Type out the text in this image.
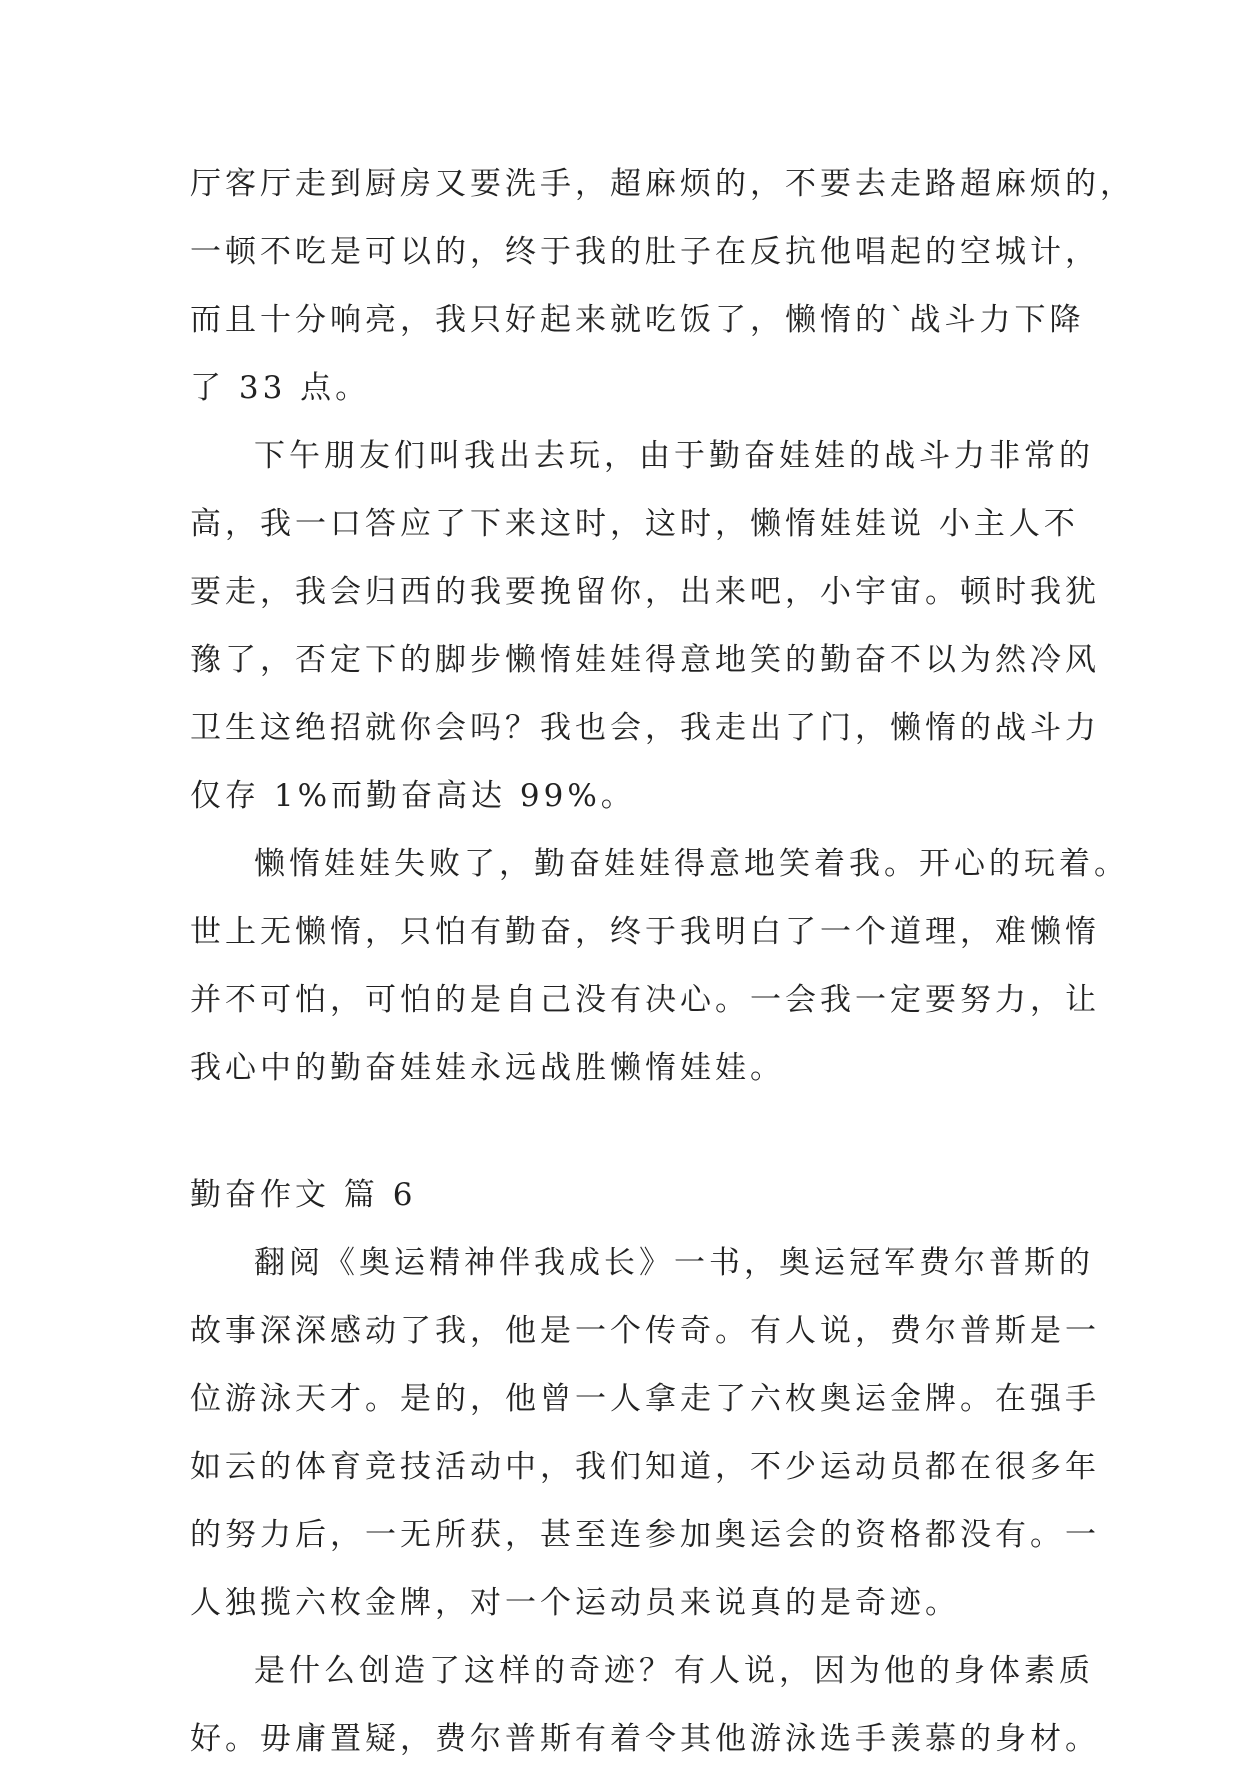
厅客厅走到厨房又要洗手，超麻烦的，不要去走路超麻烦的，
一顿不吃是可以的，终于我的肚子在反抗他唱起的空城计，
而且十分响亮，我只好起来就吃饭了，懒惰的`战斗力下降
了 33 点。
下午朋友们叫我出去玩，由于勤奋娃娃的战斗力非常的
高，我一口答应了下来这时，这时，懒惰娃娃说 小主人不
要走，我会归西的我要挽留你，出来吧，小宇宙。顿时我犹
豫了，否定下的脚步懒惰娃娃得意地笑的勤奋不以为然冷风
卫生这绝招就你会吗？我也会，我走出了门，懒惰的战斗力
仅存 1%而勤奋高达 99%。
懒惰娃娃失败了，勤奋娃娃得意地笑着我。开心的玩着。
世上无懒惰，只怕有勤奋，终于我明白了一个道理，难懒惰
并不可怕，可怕的是自己没有决心。一会我一定要努力，让
我心中的勤奋娃娃永远战胜懒惰娃娃。
勤奋作文 篇 6
翻阅《奥运精神伴我成长》一书，奥运冠军费尔普斯的
故事深深感动了我，他是一个传奇。有人说，费尔普斯是一
位游泳天才。是的，他曾一人拿走了六枚奥运金牌。在强手
如云的体育竞技活动中，我们知道，不少运动员都在很多年
的努力后，一无所获，甚至连参加奥运会的资格都没有。一
人独揽六枚金牌，对一个运动员来说真的是奇迹。
是什么创造了这样的奇迹？有人说，因为他的身体素质
好。毋庸置疑，费尔普斯有着令其他游泳选手羡慕的身材。
